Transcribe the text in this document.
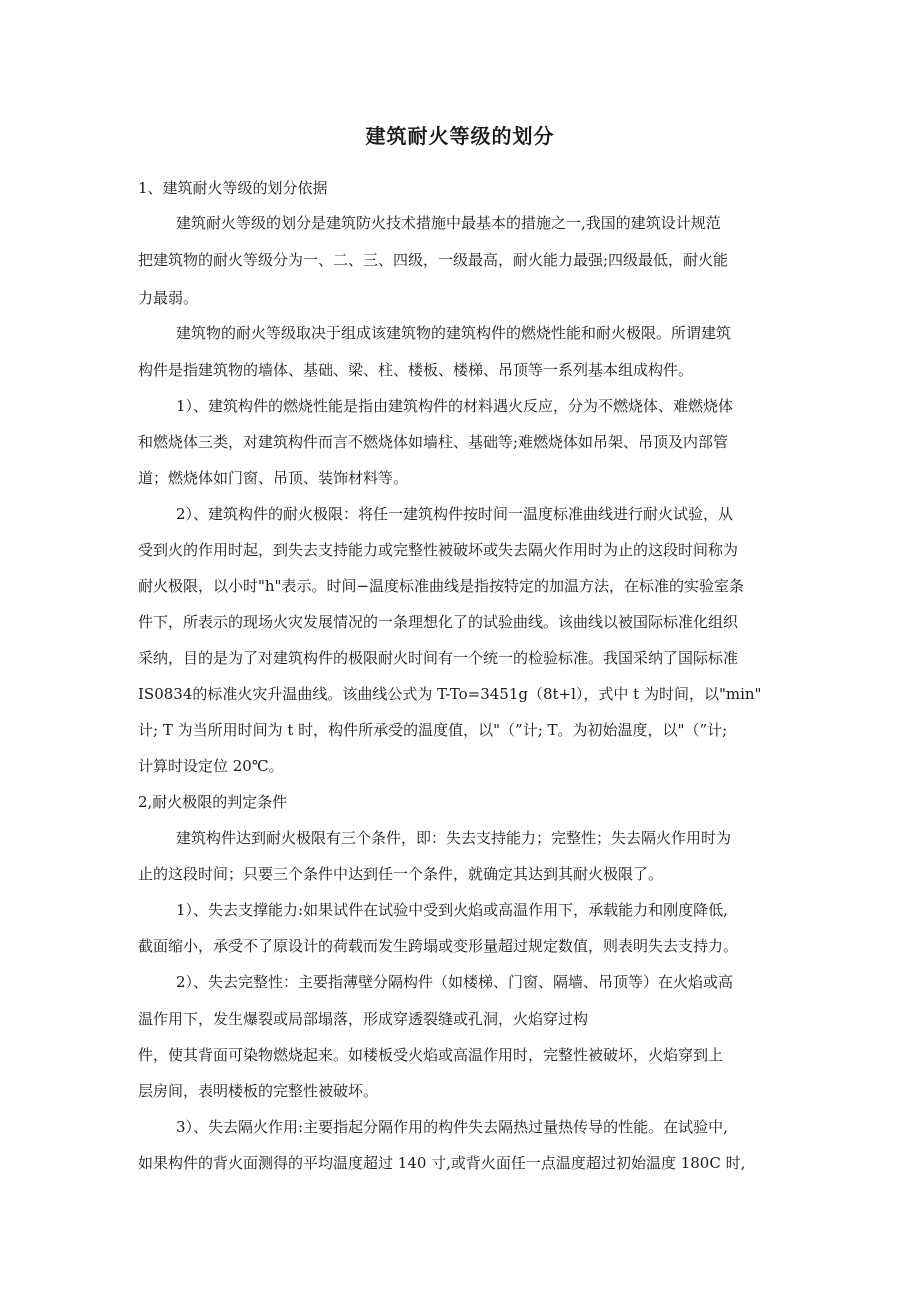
建筑耐火等级的划分
1、建筑耐火等级的划分依据
建筑耐火等级的划分是建筑防火技术措施中最基本的措施之一,我国的建筑设计规范
把建筑物的耐火等级分为一、二、三、四级，一级最高，耐火能力最强;四级最低，耐火能
力最弱。
建筑物的耐火等级取决于组成该建筑物的建筑构件的燃烧性能和耐火极限。所谓建筑
构件是指建筑物的墙体、基础、梁、柱、楼板、楼梯、吊顶等一系列基本组成构件。
1）、建筑构件的燃烧性能是指由建筑构件的材料遇火反应，分为不燃烧体、难燃烧体
和燃烧体三类，对建筑构件而言不燃烧体如墙柱、基础等;难燃烧体如吊架、吊顶及内部管
道；燃烧体如门窗、吊顶、装饰材料等。
2）、建筑构件的耐火极限：将任一建筑构件按时间一温度标准曲线进行耐火试验，从
受到火的作用时起，到失去支持能力或完整性被破坏或失去隔火作用时为止的这段时间称为
耐火极限，以小时"h"表示。时间−温度标准曲线是指按特定的加温方法，在标准的实验室条
件下，所表示的现场火灾发展情况的一条理想化了的试验曲线。该曲线以被国际标准化组织
采纳，目的是为了对建筑构件的极限耐火时间有一个统一的检验标准。我国采纳了国际标准
IS0834的标准火灾升温曲线。该曲线公式为 T-To=3451g（8t+l），式中 t 为时间，以"min"
计; T 为当所用时间为 t 时，构件所承受的温度值，以"（”计; T。为初始温度，以"（”计;
计算时设定位 20℃。
2,耐火极限的判定条件
建筑构件达到耐火极限有三个条件，即：失去支持能力；完整性；失去隔火作用时为
止的这段时间；只要三个条件中达到任一个条件，就确定其达到其耐火极限了。
1）、失去支撑能力:如果试件在试验中受到火焰或高温作用下，承载能力和刚度降低,
截面缩小，承受不了原设计的荷载而发生跨塌或变形量超过规定数值，则表明失去支持力。
2）、失去完整性：主要指薄壁分隔构件（如楼梯、门窗、隔墙、吊顶等）在火焰或高
温作用下，发生爆裂或局部塌落，形成穿透裂缝或孔洞，火焰穿过构
件，使其背面可染物燃烧起来。如楼板受火焰或高温作用时，完整性被破坏，火焰穿到上
层房间，表明楼板的完整性被破坏。
3）、失去隔火作用:主要指起分隔作用的构件失去隔热过量热传导的性能。在试验中,
如果构件的背火面测得的平均温度超过 140 寸,或背火面任一点温度超过初始温度 180C 时,
